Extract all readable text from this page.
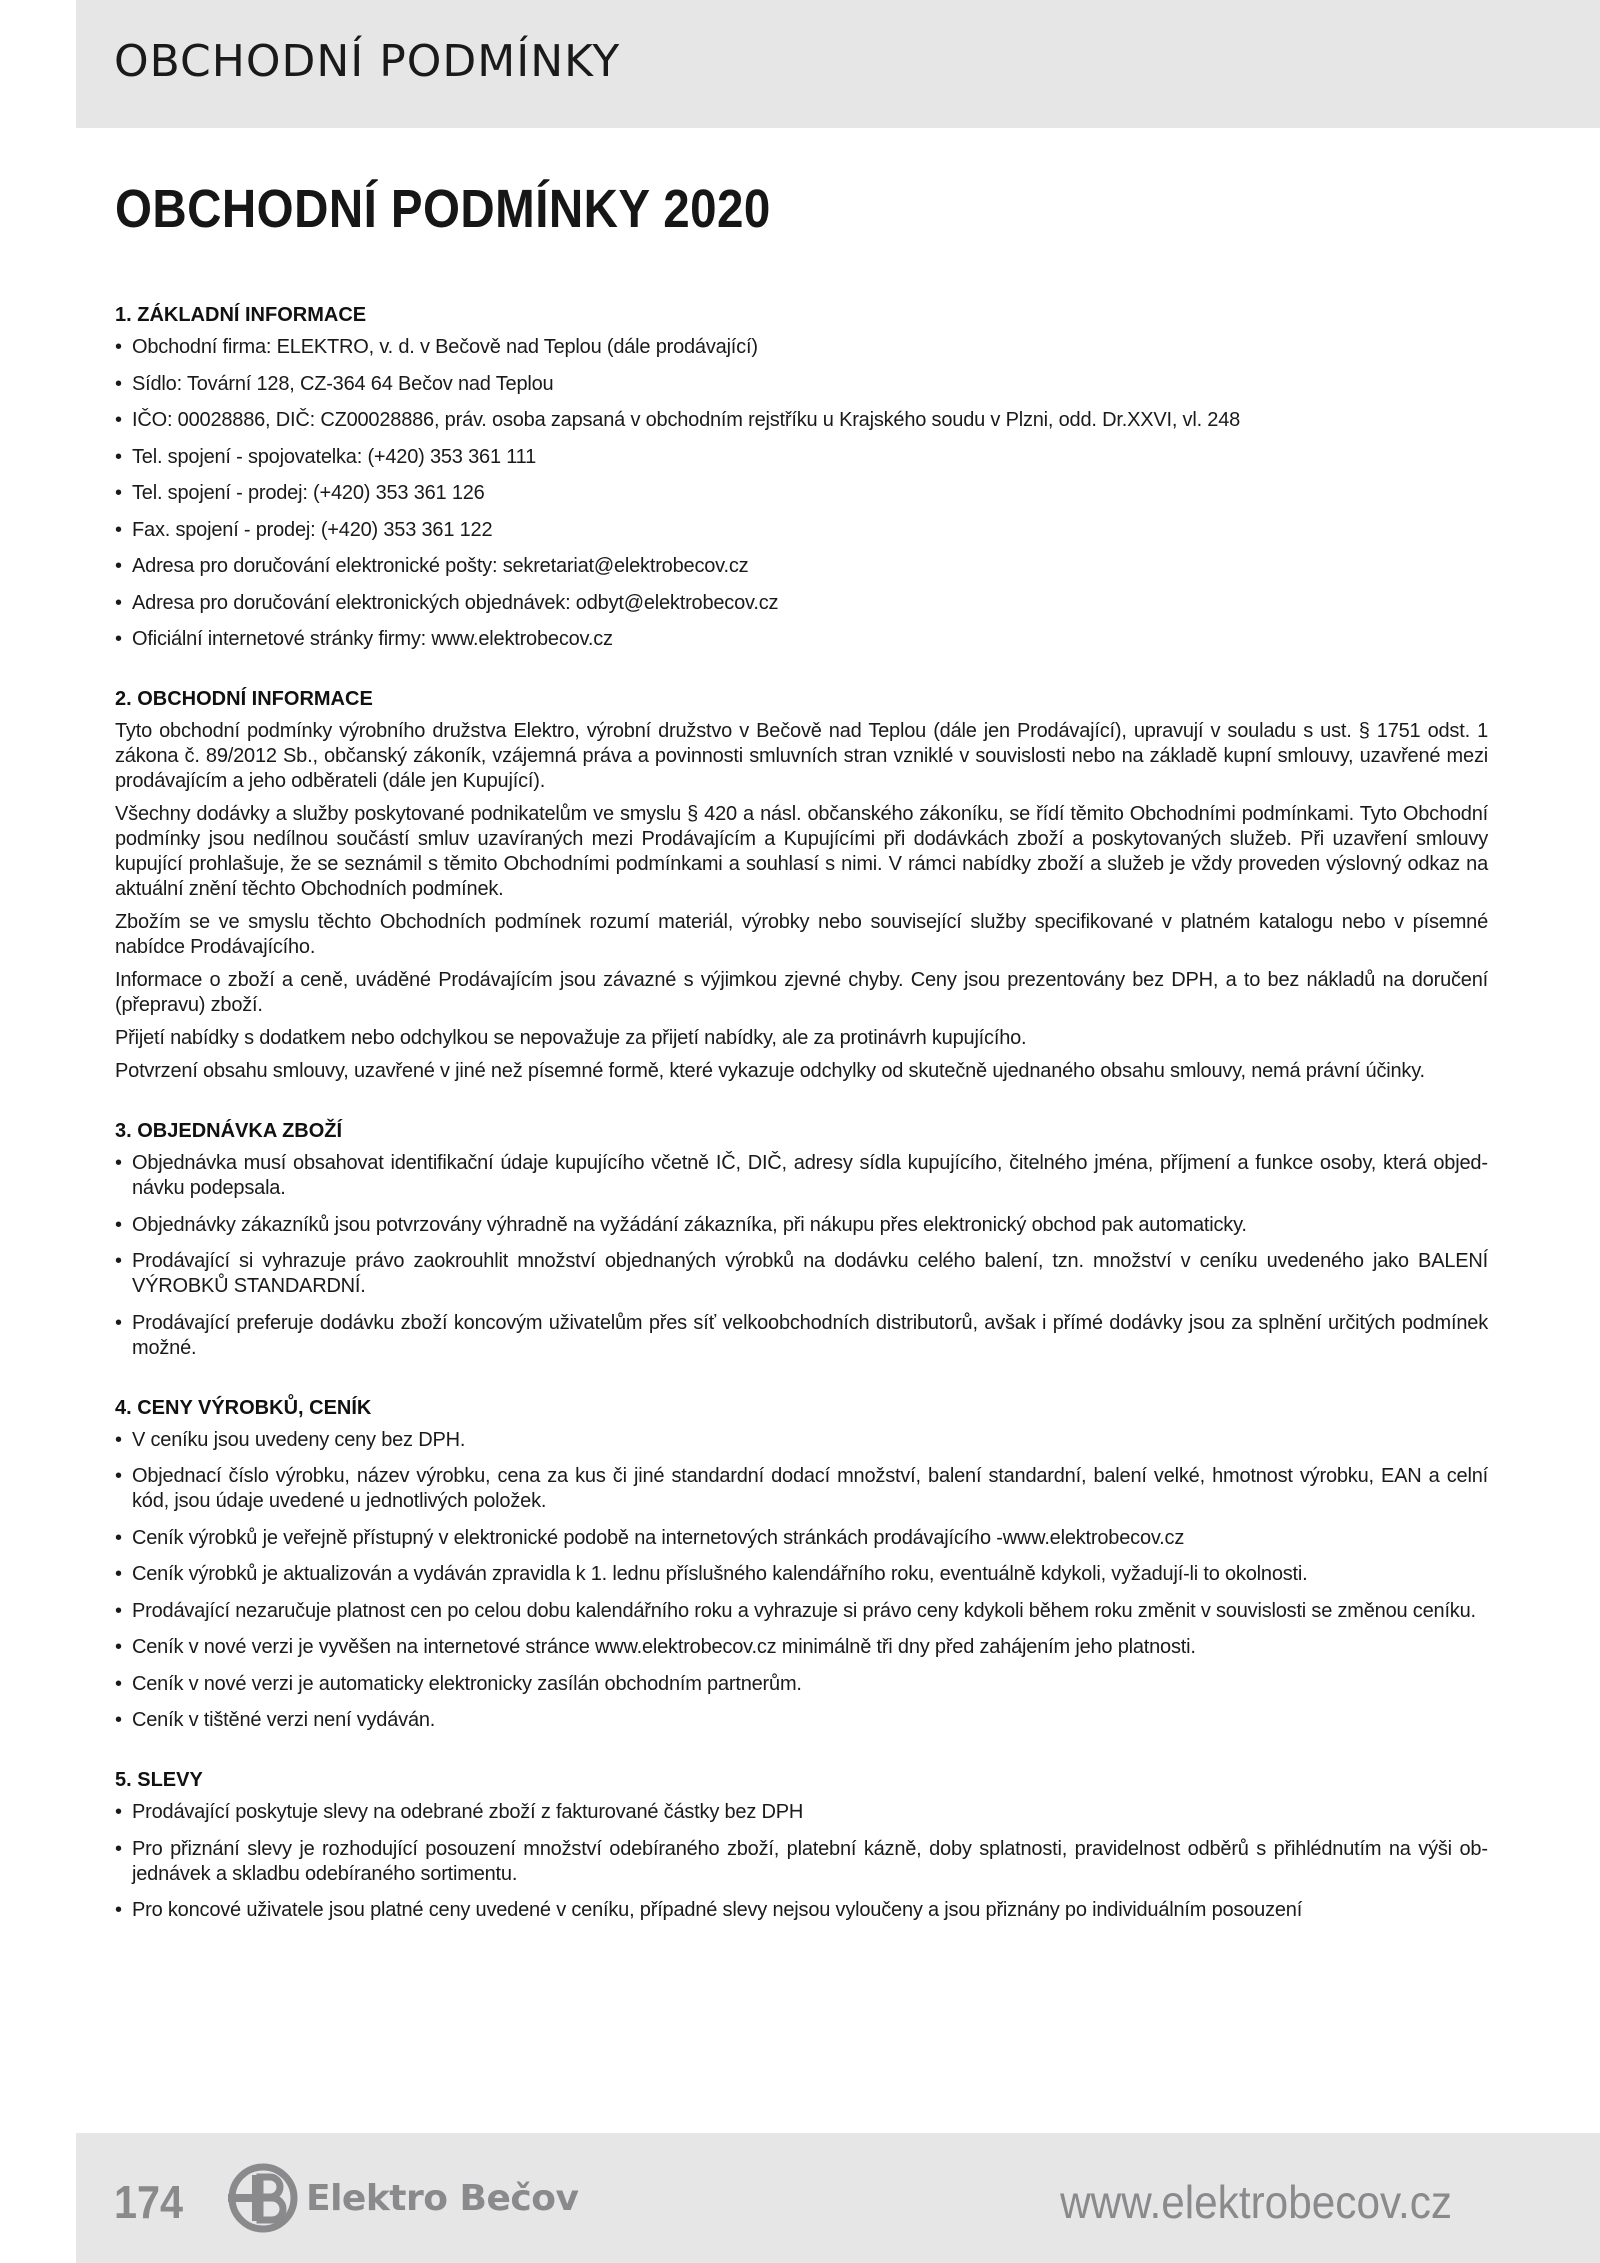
OBCHODNÍ PODMÍNKY
OBCHODNÍ PODMÍNKY 2020
1. ZÁKLADNÍ INFORMACE
• Obchodní firma: ELEKTRO, v. d. v Bečově nad Teplou (dále prodávající)
• Sídlo: Tovární 128, CZ-364 64 Bečov nad Teplou
• IČO: 00028886, DIČ: CZ00028886, práv. osoba zapsaná v obchodním rejstříku u Krajského soudu v Plzni, odd. Dr.XXVI, vl. 248
• Tel. spojení - spojovatelka: (+420) 353 361 111
• Tel. spojení - prodej: (+420) 353 361 126
• Fax. spojení - prodej: (+420) 353 361 122
• Adresa pro doručování elektronické pošty: sekretariat@elektrobecov.cz
• Adresa pro doručování elektronických objednávek: odbyt@elektrobecov.cz
• Oficiální internetové stránky firmy: www.elektrobecov.cz
2. OBCHODNÍ INFORMACE

Tyto obchodní podmínky výrobního družstva Elektro, výrobní družstvo v Bečově nad Teplou (dále jen Prodávající), upravují v souladu s ust. § 1751 odst. 1 zákona č. 89/2012 Sb., občanský zákoník, vzájemná práva a povinnosti smluvních stran vzniklé v souvislosti nebo na základě kupní smlouvy, uzavřené mezi prodávajícím a jeho odběrateli (dále jen Kupující).

Všechny dodávky a služby poskytované podnikatelům ve smyslu § 420 a násl. občanského zákoníku, se řídí těmito Obchodními podmínkami. Tyto Obchodní podmínky jsou nedílnou součástí smluv uzavíraných mezi Prodávajícím a Kupujícími při dodávkách zboží a poskytovaných služeb. Při uzavření smlouvy kupující prohlašuje, že se seznámil s těmito Obchodními podmínkami a souhlasí s nimi. V rámci nabídky zboží a služeb je vždy proveden výslovný odkaz na aktuální znění těchto Obchodních podmínek.

Zbožím se ve smyslu těchto Obchodních podmínek rozumí materiál, výrobky nebo související služby specifikované v platném katalogu nebo v písemné nabídce Prodávajícího.

Informace o zboží a ceně, uváděné Prodávajícím jsou závazné s výjimkou zjevné chyby. Ceny jsou prezentovány bez DPH, a to bez nákladů na doručení (přepravu) zboží.

Přijetí nabídky s dodatkem nebo odchylkou se nepovažuje za přijetí nabídky, ale za protinávrh kupujícího.

Potvrzení obsahu smlouvy, uzavřené v jiné než písemné formě, které vykazuje odchylky od skutečně ujednaného obsahu smlouvy, nemá právní účinky.

3. OBJEDNÁVKA ZBOŽÍ
• Objednávka musí obsahovat identifikační údaje kupujícího včetně IČ, DIČ, adresy sídla kupujícího, čitelného jména, příjmení a funkce osoby, která objednávku podepsala.
• Objednávky zákazníků jsou potvrzovány výhradně na vyžádání zákazníka, při nákupu přes elektronický obchod pak automaticky.
• Prodávající si vyhrazuje právo zaokrouhlit množství objednaných výrobků na dodávku celého balení, tzn. množství v ceníku uvedeného jako BALENÍ VÝROBKŮ STANDARDNÍ.
• Prodávající preferuje dodávku zboží koncovým uživatelům přes síť velkoobchodních distributorů, avšak i přímé dodávky jsou za splnění určitých podmínek možné.
4. CENY VÝROBKŮ, CENÍK
• V ceníku jsou uvedeny ceny bez DPH.
• Objednací číslo výrobku, název výrobku, cena za kus či jiné standardní dodací množství, balení standardní, balení velké, hmotnost výrobku, EAN a celní kód, jsou údaje uvedené u jednotlivých položek.
• Ceník výrobků je veřejně přístupný v elektronické podobě na internetových stránkách prodávajícího -www.elektrobecov.cz
• Ceník výrobků je aktualizován a vydáván zpravidla k 1. lednu příslušného kalendářního roku, eventuálně kdykoli, vyžadují-li to okolnosti.
• Prodávající nezaručuje platnost cen po celou dobu kalendářního roku a vyhrazuje si právo ceny kdykoli během roku změnit v souvislosti se změnou ceníku.
• Ceník v nové verzi je vyvěšen na internetové stránce www.elektrobecov.cz minimálně tři dny před zahájením jeho platnosti.
• Ceník v nové verzi je automaticky elektronicky zasílán obchodním partnerům.
• Ceník v tištěné verzi není vydáván.
5. SLEVY
• Prodávající poskytuje slevy na odebrané zboží z fakturované částky bez DPH
• Pro přiznání slevy je rozhodující posouzení množství odebíraného zboží, platební kázně, doby splatnosti, pravidelnost odběrů s přihlédnutím na výši objednávek a skladbu odebíraného sortimentu.
• Pro koncové uživatele jsou platné ceny uvedené v ceníku, případné slevy nejsou vyloučeny a jsou přiznány po individuálním posouzení
174	Elektro Bečov	www.elektrobecov.cz
